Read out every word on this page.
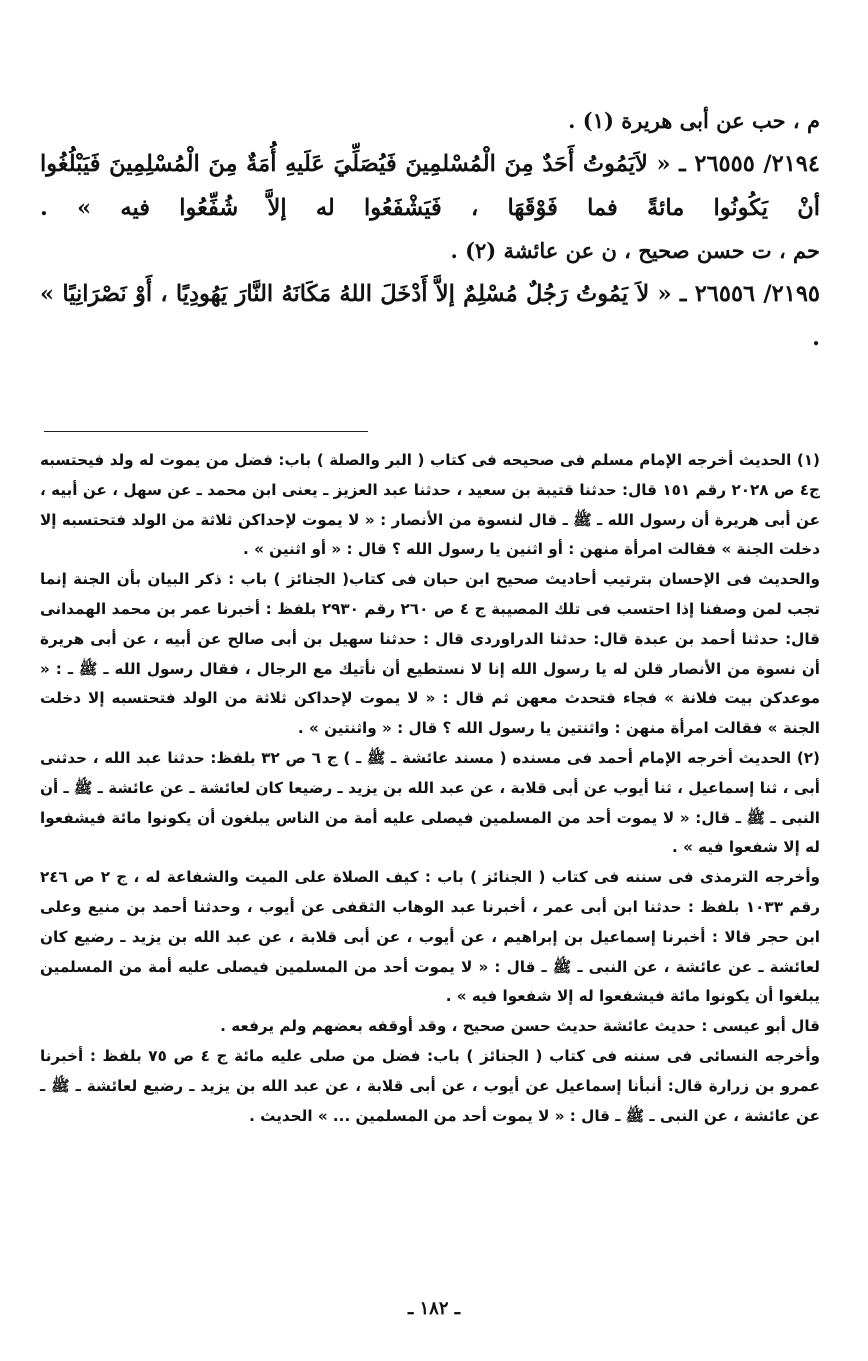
م ، حب عن أبى هريرة (١) .

٢١٩٤/ ٢٦٥٥٥ ـ « لاَيَمُوتُ أَحَدٌ مِنَ الْمُسْلمِينَ فَيُصَلِّيَ عَلَيهِ أُمَةٌ مِنَ الْمُسْلِمِينَ فَيَبْلُغُوا أنْ يَكُونُوا مائةً فما فَوْقَهَا ، فَيَشْفَعُوا له إلاَّ شُفِّعُوا فيه » .

حم ، ت حسن صحيح ، ن عن عائشة (٢) .

٢١٩٥/ ٢٦٥٥٦ ـ « لاَ يَمُوتُ رَجُلٌ مُسْلِمٌ إلاَّ أَدْخَلَ اللهُ مَكَانَهُ النَّارَ يَهُودِيًا ، أَوْ نَصْرَانِيًا » .

(١) الحديث أخرجه الإمام مسلم فى صحيحه فى كتاب ( البر والصلة ) باب: فضل من يموت له ولد فيحتسبه ج٤ ص ٢٠٢٨ رقم ١٥١ قال: حدثنا قتيبة بن سعيد ، حدثنا عبد العزيز ـ يعنى ابن محمد ـ عن سهل ، عن أبيه ، عن أبى هريرة أن رسول الله ـ ﷺ ـ قال لنسوة من الأنصار : « لا يموت لإحداكن ثلاثة من الولد فتحتسبه إلا دخلت الجنة » فقالت امرأة منهن : أو اثنين يا رسول الله ؟ قال : « أو اثنين » .

والحديث فى الإحسان بترتيب أحاديث صحيح ابن حبان فى كتاب( الجنائز ) باب : ذكر البيان بأن الجنة إنما تجب لمن وصفنا إذا احتسب فى تلك المصيبة ج ٤ ص ٢٦٠ رقم ٢٩٣٠ بلفظ : أخبرنا عمر بن محمد الهمدانى قال: حدثنا أحمد بن عبدة قال: حدثنا الدراوردى قال : حدثنا سهيل بن أبى صالح عن أبيه ، عن أبى هريرة أن نسوة من الأنصار قلن له يا رسول الله إنا لا نستطيع أن نأتيك مع الرجال ، فقال رسول الله ـ ﷺ ـ : « موعدكن بيت فلانة » فجاء فتحدث معهن ثم قال : « لا يموت لإحداكن ثلاثة من الولد فتحتسبه إلا دخلت الجنة » فقالت امرأة منهن : واثنتين يا رسول الله ؟ قال : « واثنتين » .

(٢) الحديث أخرجه الإمام أحمد فى مسنده ( مسند عائشة ـ ﷺ ـ ) ج ٦ ص ٣٢ بلفظ: حدثنا عبد الله ، حدثنى أبى ، ثنا إسماعيل ، ثنا أيوب عن أبى قلابة ، عن عبد الله بن يزيد ـ رضيعا كان لعائشة ـ عن عائشة ـ ﷺ ـ أن النبى ـ ﷺ ـ قال: « لا يموت أحد من المسلمين فيصلى عليه أمة من الناس يبلغون أن يكونوا مائة فيشفعوا له إلا شفعوا فيه » .

وأخرجه الترمذى فى سننه فى كتاب ( الجنائز ) باب : كيف الصلاة على الميت والشفاعة له ، ج ٢ ص ٢٤٦ رقم ١٠٣٣ بلفظ : حدثنا ابن أبى عمر ، أخبرنا عبد الوهاب الثقفى عن أيوب ، وحدثنا أحمد بن منيع وعلى ابن حجر قالا : أخبرنا إسماعيل بن إبراهيم ، عن أيوب ، عن أبى قلابة ، عن عبد الله بن يزيد ـ رضيع كان لعائشة ـ عن عائشة ، عن النبى ـ ﷺ ـ قال : « لا يموت أحد من المسلمين فيصلى عليه أمة من المسلمين يبلغوا أن يكونوا مائة فيشفعوا له إلا شفعوا فيه » .

قال أبو عيسى : حديث عائشة حديث حسن صحيح ، وقد أوقفه بعضهم ولم يرفعه .

وأخرجه النسائى فى سننه فى كتاب ( الجنائز ) باب: فضل من صلى عليه مائة ج ٤ ص ٧٥ بلفظ : أخبرنا عمرو بن زرارة قال: أنبأنا إسماعيل عن أيوب ، عن أبى قلابة ، عن عبد الله بن يزيد ـ رضيع لعائشة ـ ﷺ ـ عن عائشة ، عن النبى ـ ﷺ ـ قال : « لا يموت أحد من المسلمين ... » الحديث .

ـ ١٨٢ ـ
